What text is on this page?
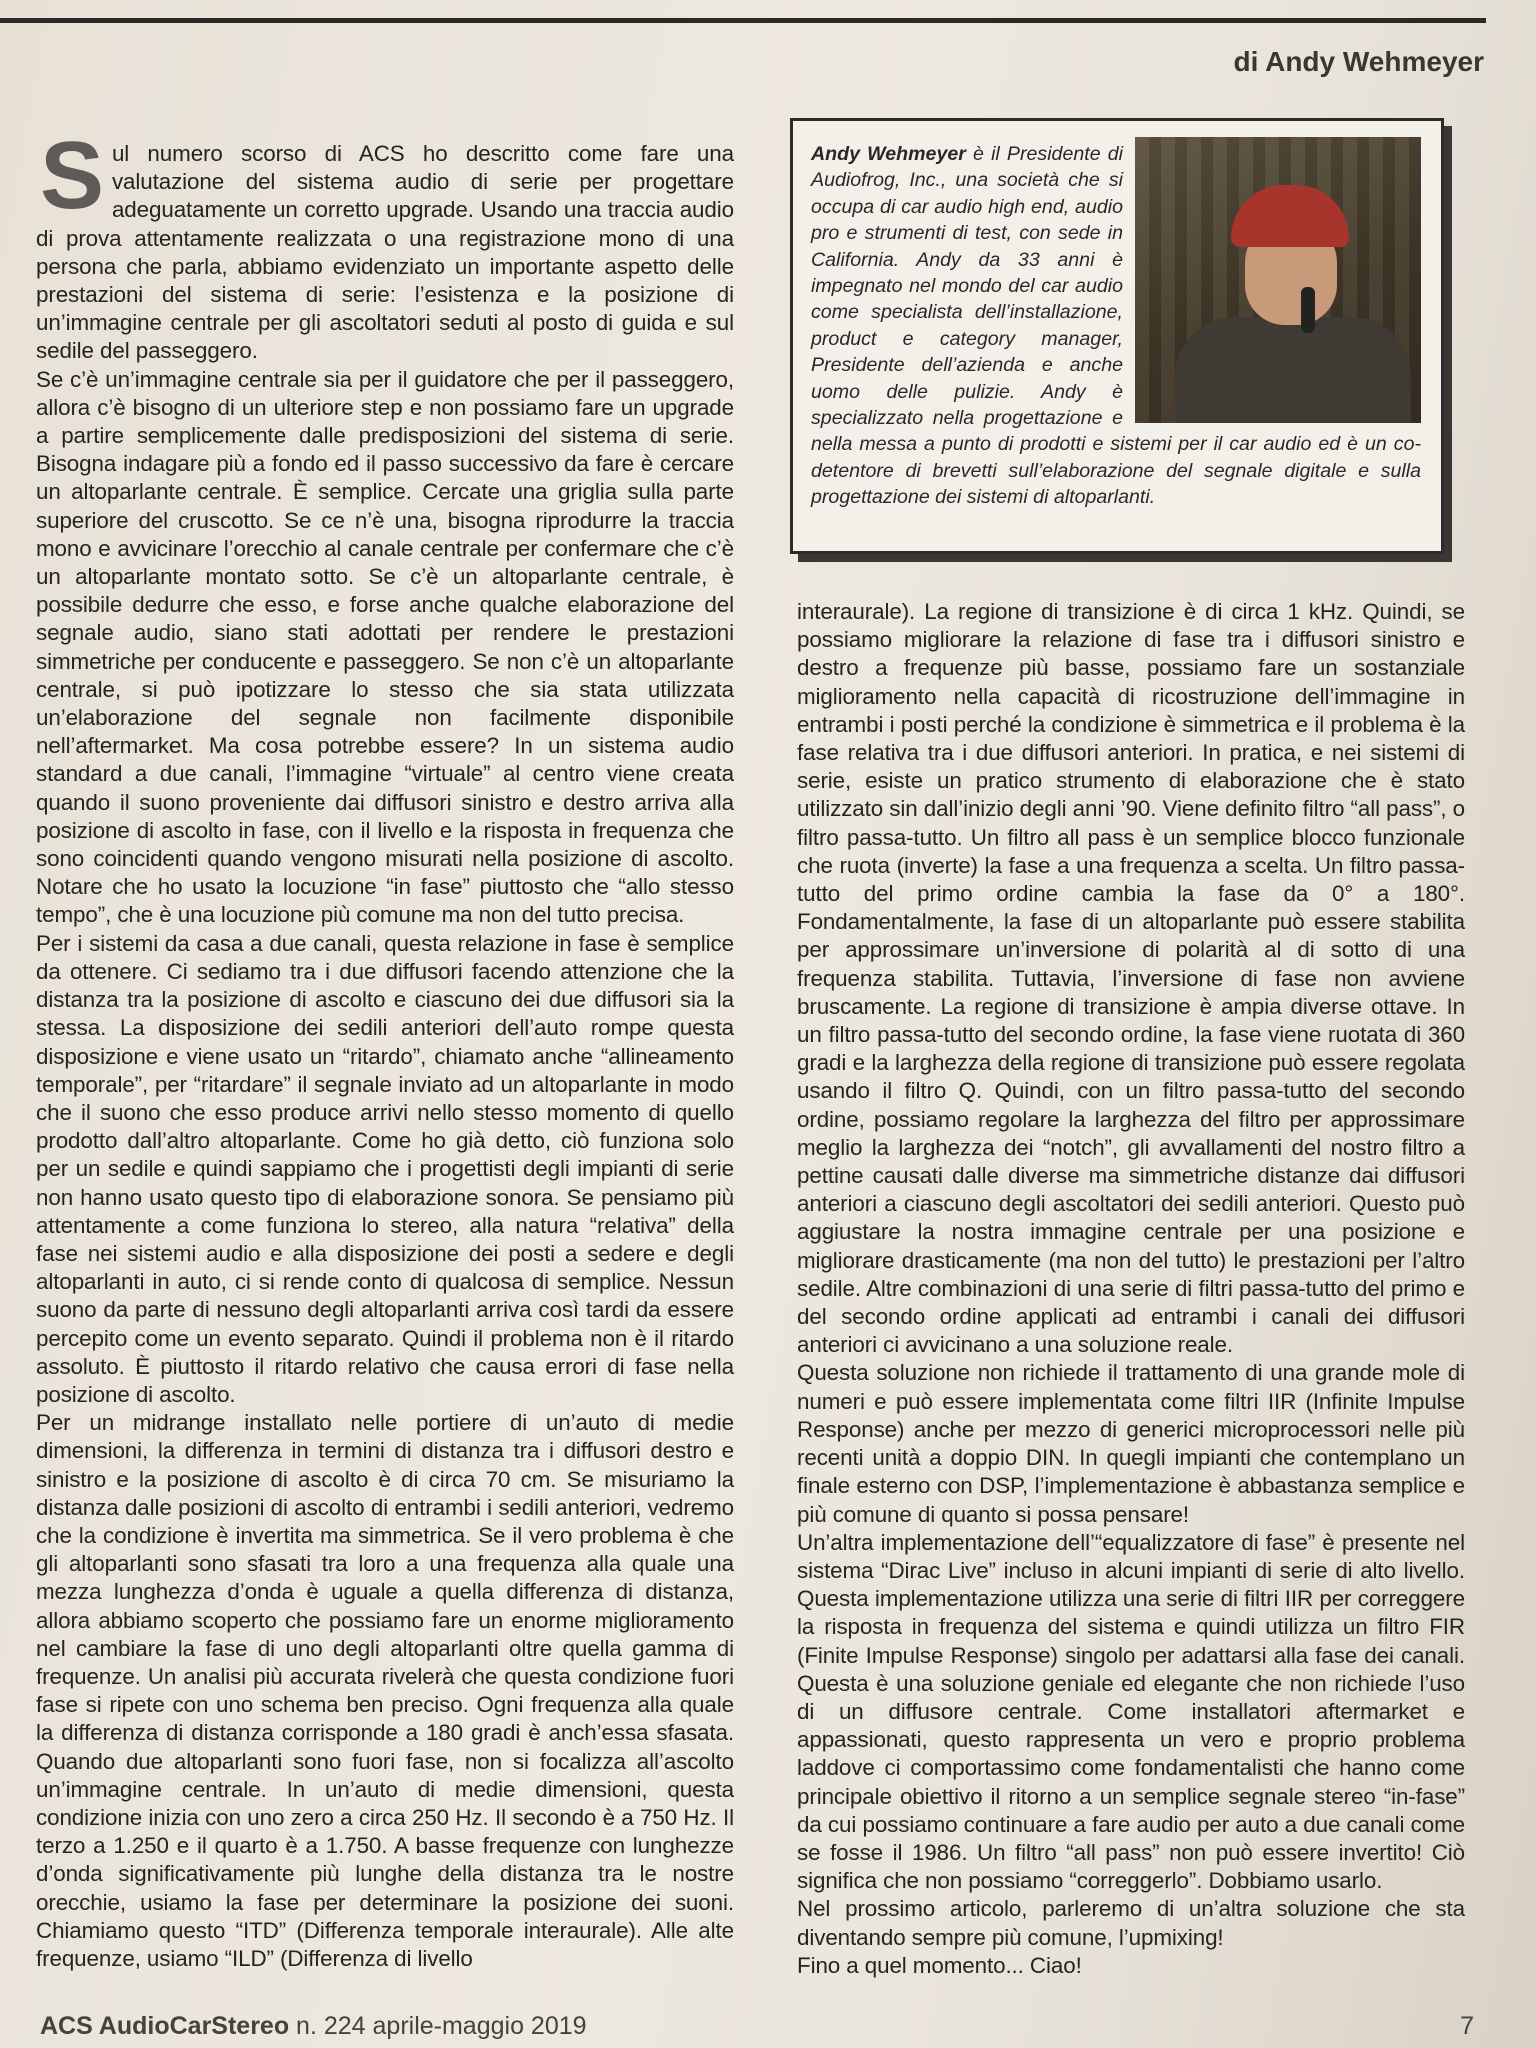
di Andy Wehmeyer

Sul numero scorso di ACS ho descritto come fare una valutazione del sistema audio di serie per progettare adeguatamente un corretto upgrade. Usando una traccia audio di prova attentamente realizzata o una registrazione mono di una persona che parla, abbiamo evidenziato un importante aspetto delle prestazioni del sistema di serie: l’esistenza e la posizione di un’immagine centrale per gli ascoltatori seduti al posto di guida e sul sedile del passeggero.

Se c’è un’immagine centrale sia per il guidatore che per il passeggero, allora c’è bisogno di un ulteriore step e non possiamo fare un upgrade a partire semplicemente dalle predisposizioni del sistema di serie. Bisogna indagare più a fondo ed il passo successivo da fare è cercare un altoparlante centrale. È semplice. Cercate una griglia sulla parte superiore del cruscotto. Se ce n’è una, bisogna riprodurre la traccia mono e avvicinare l’orecchio al canale centrale per confermare che c’è un altoparlante montato sotto. Se c’è un altoparlante centrale, è possibile dedurre che esso, e forse anche qualche elaborazione del segnale audio, siano stati adottati per rendere le prestazioni simmetriche per conducente e passeggero. Se non c’è un altoparlante centrale, si può ipotizzare lo stesso che sia stata utilizzata un’elaborazione del segnale non facilmente disponibile nell’aftermarket. Ma cosa potrebbe essere? In un sistema audio standard a due canali, l’immagine “virtuale” al centro viene creata quando il suono proveniente dai diffusori sinistro e destro arriva alla posizione di ascolto in fase, con il livello e la risposta in frequenza che sono coincidenti quando vengono misurati nella posizione di ascolto. Notare che ho usato la locuzione “in fase” piuttosto che “allo stesso tempo”, che è una locuzione più comune ma non del tutto precisa.

Per i sistemi da casa a due canali, questa relazione in fase è semplice da ottenere. Ci sediamo tra i due diffusori facendo attenzione che la distanza tra la posizione di ascolto e ciascuno dei due diffusori sia la stessa. La disposizione dei sedili anteriori dell’auto rompe questa disposizione e viene usato un “ritardo”, chiamato anche “allineamento temporale”, per “ritardare” il segnale inviato ad un altoparlante in modo che il suono che esso produce arrivi nello stesso momento di quello prodotto dall’altro altoparlante. Come ho già detto, ciò funziona solo per un sedile e quindi sappiamo che i progettisti degli impianti di serie non hanno usato questo tipo di elaborazione sonora. Se pensiamo più attentamente a come funziona lo stereo, alla natura “relativa” della fase nei sistemi audio e alla disposizione dei posti a sedere e degli altoparlanti in auto, ci si rende conto di qualcosa di semplice. Nessun suono da parte di nessuno degli altoparlanti arriva così tardi da essere percepito come un evento separato. Quindi il problema non è il ritardo assoluto. È piuttosto il ritardo relativo che causa errori di fase nella posizione di ascolto.

Per un midrange installato nelle portiere di un’auto di medie dimensioni, la differenza in termini di distanza tra i diffusori destro e sinistro e la posizione di ascolto è di circa 70 cm. Se misuriamo la distanza dalle posizioni di ascolto di entrambi i sedili anteriori, vedremo che la condizione è invertita ma simmetrica. Se il vero problema è che gli altoparlanti sono sfasati tra loro a una frequenza alla quale una mezza lunghezza d’onda è uguale a quella differenza di distanza, allora abbiamo scoperto che possiamo fare un enorme miglioramento nel cambiare la fase di uno degli altoparlanti oltre quella gamma di frequenze. Un analisi più accurata rivelerà che questa condizione fuori fase si ripete con uno schema ben preciso. Ogni frequenza alla quale la differenza di distanza corrisponde a 180 gradi è anch’essa sfasata. Quando due altoparlanti sono fuori fase, non si focalizza all’ascolto un’immagine centrale. In un’auto di medie dimensioni, questa condizione inizia con uno zero a circa 250 Hz. Il secondo è a 750 Hz. Il terzo a 1.250 e il quarto è a 1.750. A basse frequenze con lunghezze d’onda significativamente più lunghe della distanza tra le nostre orecchie, usiamo la fase per determinare la posizione dei suoni. Chiamiamo questo “ITD” (Differenza temporale interaurale). Alle alte frequenze, usiamo “ILD” (Differenza di livello

Andy Wehmeyer è il Presidente di Audiofrog, Inc., una società che si occupa di car audio high end, audio pro e strumenti di test, con sede in California. Andy da 33 anni è impegnato nel mondo del car audio come specialista dell’installazione, product e category manager, Presidente dell’azienda e anche uomo delle pulizie. Andy è specializzato nella progettazione e nella messa a punto di prodotti e sistemi per il car audio ed è un co-detentore di brevetti sull’elaborazione del segnale digitale e sulla progettazione dei sistemi di altoparlanti.

interaurale). La regione di transizione è di circa 1 kHz. Quindi, se possiamo migliorare la relazione di fase tra i diffusori sinistro e destro a frequenze più basse, possiamo fare un sostanziale miglioramento nella capacità di ricostruzione dell’immagine in entrambi i posti perché la condizione è simmetrica e il problema è la fase relativa tra i due diffusori anteriori. In pratica, e nei sistemi di serie, esiste un pratico strumento di elaborazione che è stato utilizzato sin dall’inizio degli anni ’90. Viene definito filtro “all pass”, o filtro passa-tutto. Un filtro all pass è un semplice blocco funzionale che ruota (inverte) la fase a una frequenza a scelta. Un filtro passa-tutto del primo ordine cambia la fase da 0° a 180°. Fondamentalmente, la fase di un altoparlante può essere stabilita per approssimare un’inversione di polarità al di sotto di una frequenza stabilita. Tuttavia, l’inversione di fase non avviene bruscamente. La regione di transizione è ampia diverse ottave. In un filtro passa-tutto del secondo ordine, la fase viene ruotata di 360 gradi e la larghezza della regione di transizione può essere regolata usando il filtro Q. Quindi, con un filtro passa-tutto del secondo ordine, possiamo regolare la larghezza del filtro per approssimare meglio la larghezza dei “notch”, gli avvallamenti del nostro filtro a pettine causati dalle diverse ma simmetriche distanze dai diffusori anteriori a ciascuno degli ascoltatori dei sedili anteriori. Questo può aggiustare la nostra immagine centrale per una posizione e migliorare drasticamente (ma non del tutto) le prestazioni per l’altro sedile. Altre combinazioni di una serie di filtri passa-tutto del primo e del secondo ordine applicati ad entrambi i canali dei diffusori anteriori ci avvicinano a una soluzione reale.

Questa soluzione non richiede il trattamento di una grande mole di numeri e può essere implementata come filtri IIR (Infinite Impulse Response) anche per mezzo di generici microprocessori nelle più recenti unità a doppio DIN. In quegli impianti che contemplano un finale esterno con DSP, l’implementazione è abbastanza semplice e più comune di quanto si possa pensare!

Un’altra implementazione dell’“equalizzatore di fase” è presente nel sistema “Dirac Live” incluso in alcuni impianti di serie di alto livello. Questa implementazione utilizza una serie di filtri IIR per correggere la risposta in frequenza del sistema e quindi utilizza un filtro FIR (Finite Impulse Response) singolo per adattarsi alla fase dei canali. Questa è una soluzione geniale ed elegante che non richiede l’uso di un diffusore centrale. Come installatori aftermarket e appassionati, questo rappresenta un vero e proprio problema laddove ci comportassimo come fondamentalisti che hanno come principale obiettivo il ritorno a un semplice segnale stereo “in-fase” da cui possiamo continuare a fare audio per auto a due canali come se fosse il 1986. Un filtro “all pass” non può essere invertito! Ciò significa che non possiamo “correggerlo”. Dobbiamo usarlo.

Nel prossimo articolo, parleremo di un’altra soluzione che sta diventando sempre più comune, l’upmixing!

Fino a quel momento... Ciao!

ACS AudioCarStereo n. 224 aprile-maggio 2019	7
